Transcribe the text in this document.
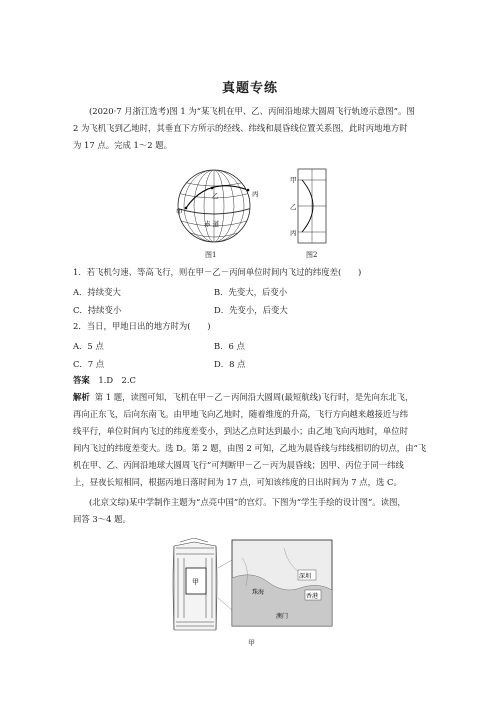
真题专练

(2020·7 月浙江选考)图 1 为“某飞机在甲、乙、丙间沿地球大圆周飞行轨迹示意图”。图

2 为飞机飞到乙地时，其垂直下方所示的经线、纬线和晨昏线位置关系图，此时丙地地方时

为 17 点。完成 1～2 题。

甲
乙	丙
赤 道
图1
甲
乙
丙
图2
1．若飞机匀速、等高飞行，则在甲－乙－丙间单位时间内飞过的纬度差(　　)
A．持续变大	B．先变大，后变小
C．持续变小	D．先变小，后变大
2．当日，甲地日出的地方时为(　　)
A．5 点	B．6 点
C．7 点	D．8 点
答案 1.D　2.C

解析 第 1 题，读图可知，飞机在甲－乙－丙间沿大圆周(最短航线)飞行时，是先向东北飞，

再向正东飞，后向东南飞。由甲地飞向乙地时，随着维度的升高，飞行方向越来越接近与纬

线平行，单位时间内飞过的纬度差变小，到达乙点时达到最小；由乙地飞向丙地时，单位时

间内飞过的纬度差变大。选 D。第 2 题，由图 2 可知，乙地为晨昏线与纬线相切的切点，由“飞

机在甲、乙、丙间沿地球大圆周飞行”可判断甲－乙－丙为晨昏线；因甲、丙位于同一纬线

上，昼夜长短相同，根据丙地日落时间为 17 点，可知该纬度的日出时间为 7 点，选 C。

(北京文综)某中学制作主题为“点亮中国”的宫灯。下图为“学生手绘的设计图”。读图，

回答 3～4 题。

甲
深圳
珠海
香港
澳门
甲
